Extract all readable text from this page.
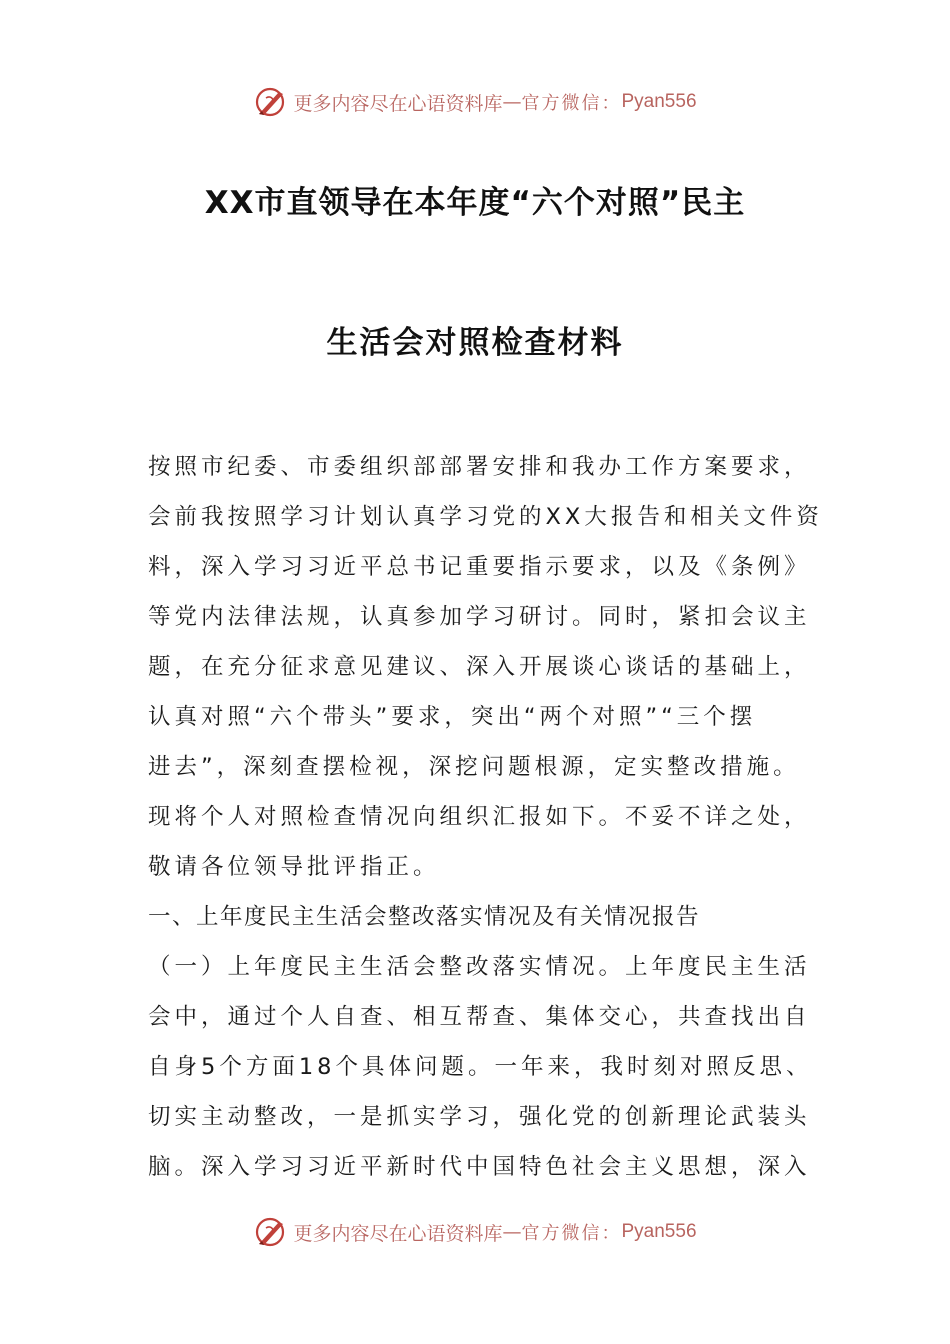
更多内容尽在心语资料库 — 官方微信： Pyan556
XX市直领导在本年度“六个对照”民主
生活会对照检查材料
按照市纪委、市委组织部部署安排和我办工作方案要求，
会前我按照学习计划认真学习党的XX大报告和相关文件资
料，深入学习习近平总书记重要指示要求，以及《条例》
等党内法律法规，认真参加学习研讨。同时，紧扣会议主
题，在充分征求意见建议、深入开展谈心谈话的基础上，
认真对照“六个带头”要求，突出“两个对照”“三个摆
进去”，深刻查摆检视，深挖问题根源，定实整改措施。
现将个人对照检查情况向组织汇报如下。不妥不详之处，
敬请各位领导批评指正。
一、上年度民主生活会整改落实情况及有关情况报告
（一）上年度民主生活会整改落实情况。上年度民主生活
会中，通过个人自查、相互帮查、集体交心，共查找出自
自身5个方面18个具体问题。一年来，我时刻对照反思、
切实主动整改，一是抓实学习，强化党的创新理论武装头
脑。深入学习习近平新时代中国特色社会主义思想，深入
更多内容尽在心语资料库 — 官方微信： Pyan556
